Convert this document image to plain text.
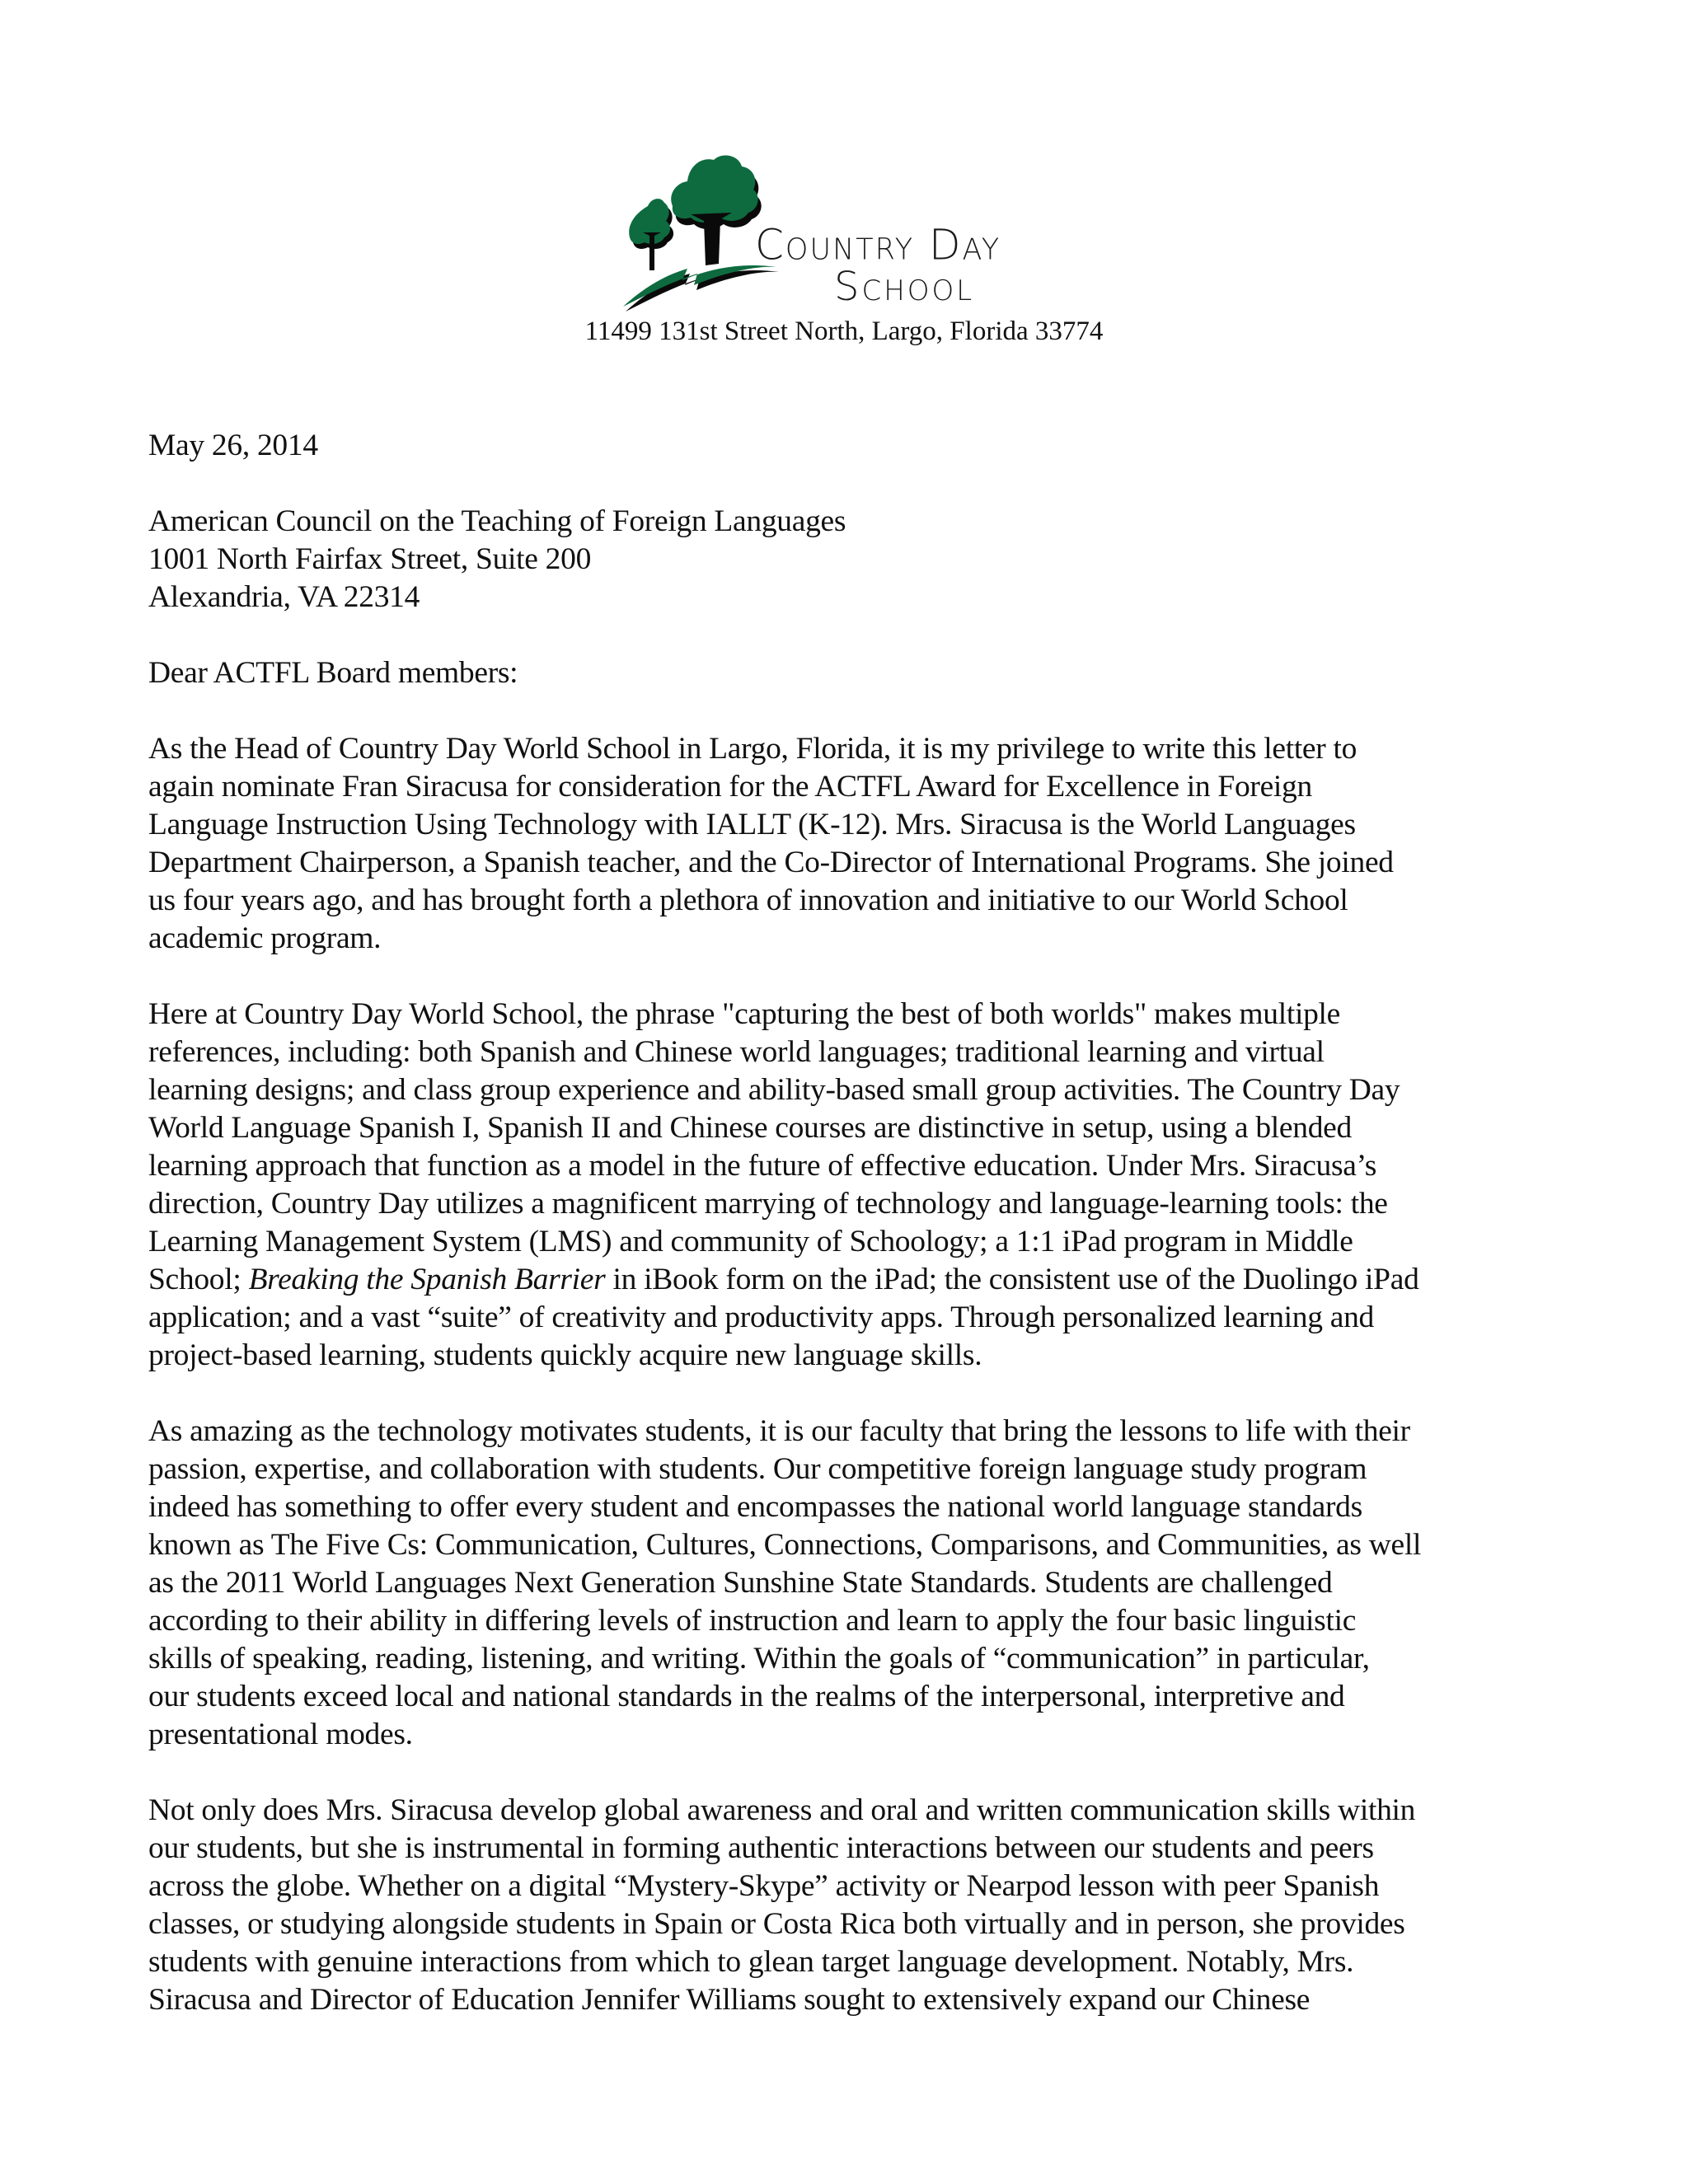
Country Day
School
11499 131st Street North, Largo, Florida 33774

May 26, 2014

American Council on the Teaching of Foreign Languages
1001 North Fairfax Street, Suite 200
Alexandria, VA 22314

Dear ACTFL Board members:

As the Head of Country Day World School in Largo, Florida, it is my privilege to write this letter to
again nominate Fran Siracusa for consideration for the ACTFL Award for Excellence in Foreign
Language Instruction Using Technology with IALLT (K-12). Mrs. Siracusa is the World Languages
Department Chairperson, a Spanish teacher, and the Co-Director of International Programs. She joined
us four years ago, and has brought forth a plethora of innovation and initiative to our World School
academic program.
Here at Country Day World School, the phrase "capturing the best of both worlds" makes multiple
references, including: both Spanish and Chinese world languages; traditional learning and virtual
learning designs; and class group experience and ability-based small group activities. The Country Day
World Language Spanish I, Spanish II and Chinese courses are distinctive in setup, using a blended
learning approach that function as a model in the future of effective education. Under Mrs. Siracusa’s
direction, Country Day utilizes a magnificent marrying of technology and language-learning tools: the
Learning Management System (LMS) and community of Schoology; a 1:1 iPad program in Middle
School; Breaking the Spanish Barrier in iBook form on the iPad; the consistent use of the Duolingo iPad
application; and a vast “suite” of creativity and productivity apps. Through personalized learning and
project-based learning, students quickly acquire new language skills.
As amazing as the technology motivates students, it is our faculty that bring the lessons to life with their
passion, expertise, and collaboration with students. Our competitive foreign language study program
indeed has something to offer every student and encompasses the national world language standards
known as The Five Cs: Communication, Cultures, Connections, Comparisons, and Communities, as well
as the 2011 World Languages Next Generation Sunshine State Standards. Students are challenged
according to their ability in differing levels of instruction and learn to apply the four basic linguistic
skills of speaking, reading, listening, and writing. Within the goals of “communication” in particular,
our students exceed local and national standards in the realms of the interpersonal, interpretive and
presentational modes.
Not only does Mrs. Siracusa develop global awareness and oral and written communication skills within
our students, but she is instrumental in forming authentic interactions between our students and peers
across the globe. Whether on a digital “Mystery-Skype” activity or Nearpod lesson with peer Spanish
classes, or studying alongside students in Spain or Costa Rica both virtually and in person, she provides
students with genuine interactions from which to glean target language development. Notably, Mrs.
Siracusa and Director of Education Jennifer Williams sought to extensively expand our Chinese
